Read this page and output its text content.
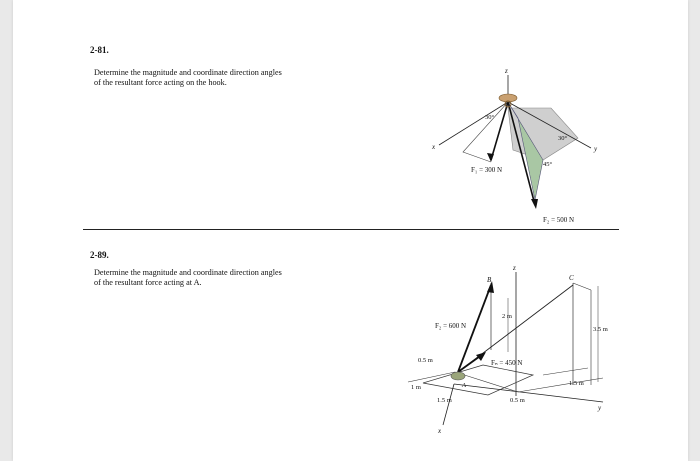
2-81.
Determine the magnitude and coordinate direction angles
of the resultant force acting on the hook.
z
y
x
30°
30°
45°
F₁ = 300 N
F₂ = 500 N
2-89.
Determine the magnitude and coordinate direction angles
of the resultant force acting at A.
y
x
z
B	C
A
F₂ = 600 N
Fₙ = 450 N
2 m
3.5 m
0.5 m
1 m
1.5 m	0.5 m
1.5 m
